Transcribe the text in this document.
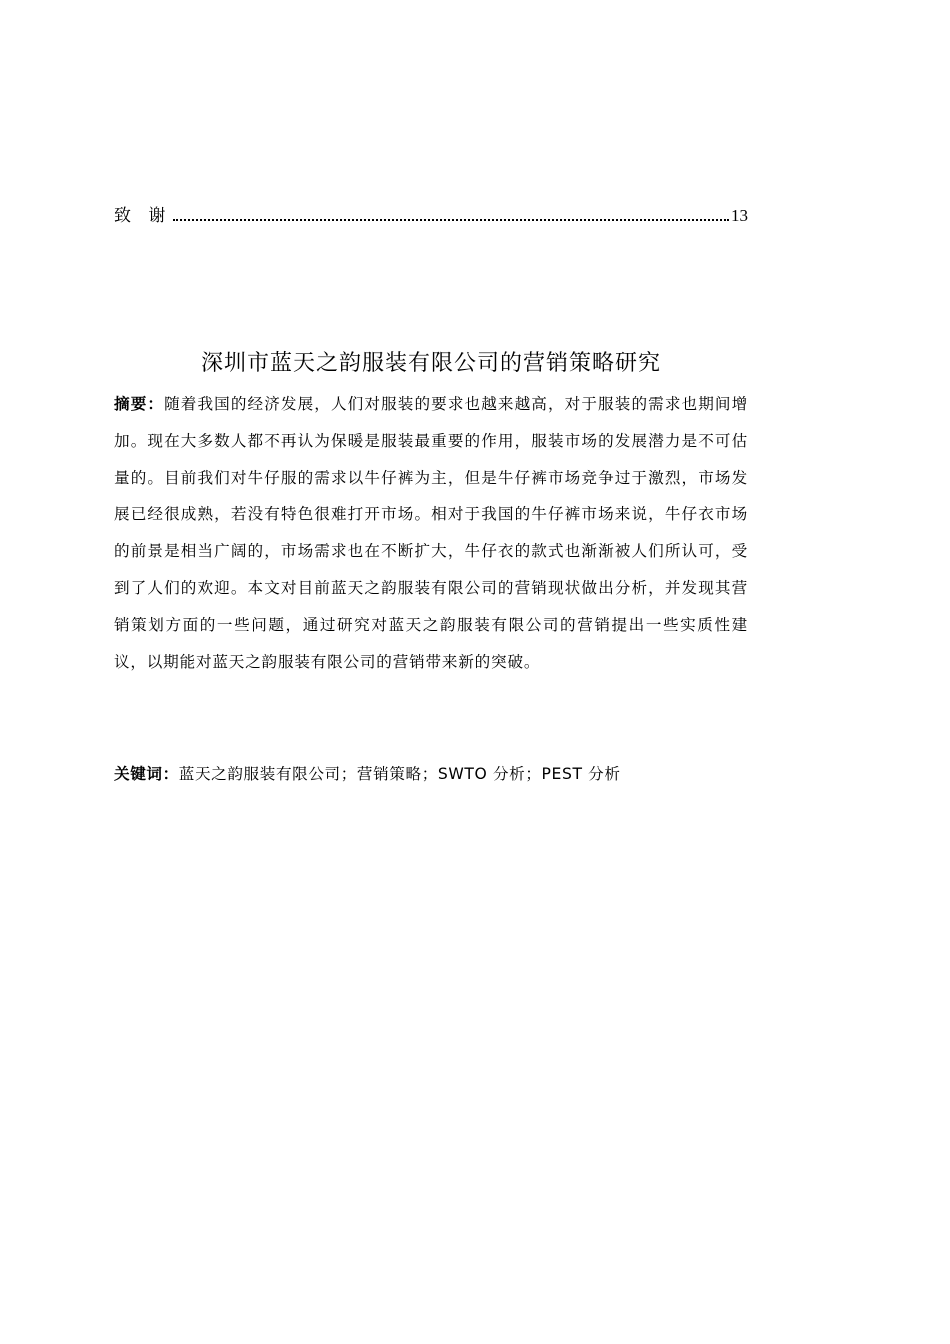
致 谢	13
深圳市蓝天之韵服装有限公司的营销策略研究
摘要：随着我国的经济发展，人们对服装的要求也越来越高，对于服装的需求也期间增加。现在大多数人都不再认为保暖是服装最重要的作用，服装市场的发展潜力是不可估量的。目前我们对牛仔服的需求以牛仔裤为主，但是牛仔裤市场竞争过于激烈，市场发展已经很成熟，若没有特色很难打开市场。相对于我国的牛仔裤市场来说，牛仔衣市场的前景是相当广阔的，市场需求也在不断扩大，牛仔衣的款式也渐渐被人们所认可，受到了人们的欢迎。本文对目前蓝天之韵服装有限公司的营销现状做出分析，并发现其营销策划方面的一些问题，通过研究对蓝天之韵服装有限公司的营销提出一些实质性建议，以期能对蓝天之韵服装有限公司的营销带来新的突破。
关键词：蓝天之韵服装有限公司；营销策略；SWTO 分析；PEST 分析
